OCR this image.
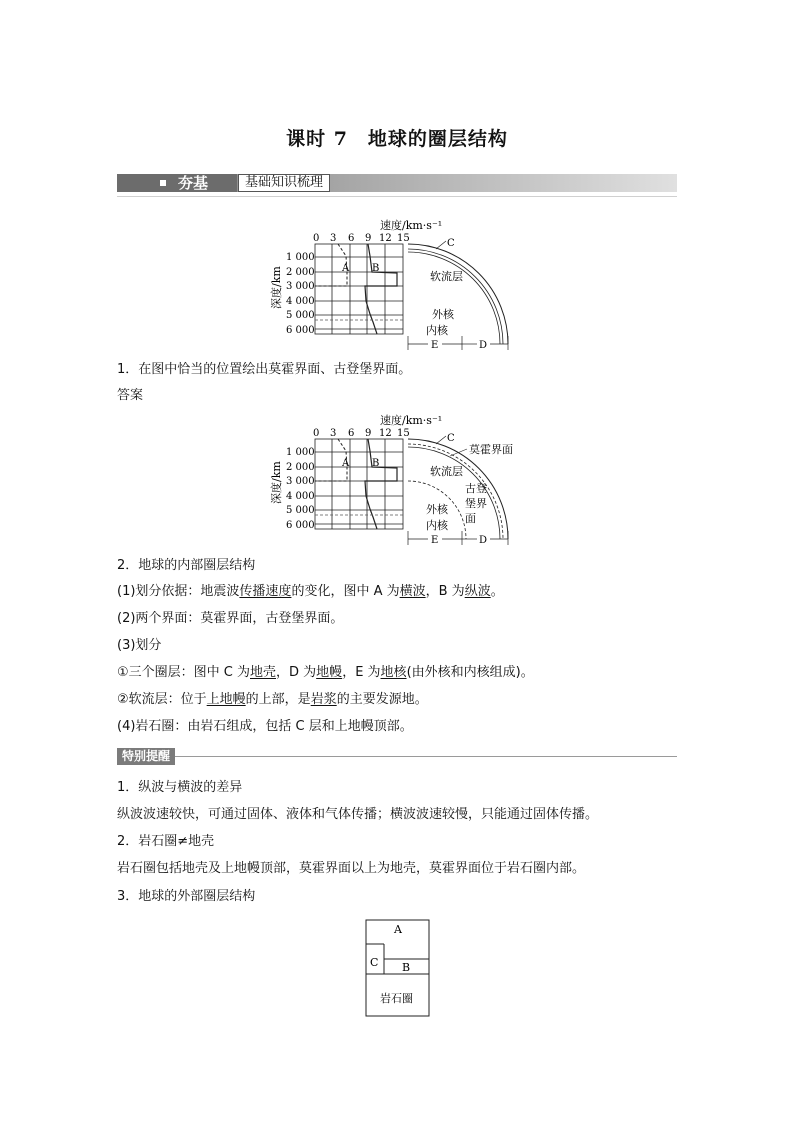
课时 7　地球的圈层结构
夯基	基础知识梳理
速度/km·s⁻¹
0 3 6 9 12 15
1 000
2 000
3 000
4 000
5 000
6 000
深度/km	A B
C
软流层
外核
内核
E	D
1．在图中恰当的位置绘出莫霍界面、古登堡界面。
答案
速度/km·s⁻¹
0 3 6 9 12 15
1 000
2 000
3 000
4 000
5 000
6 000
深度/km	A B
C
莫霍界面
软流层
古登
堡界
面
外核
内核
E	D
2．地球的内部圈层结构
(1)划分依据：地震波传播速度的变化，图中 A 为横波，B 为纵波。
(2)两个界面：莫霍界面，古登堡界面。
(3)划分
①三个圈层：图中 C 为地壳，D 为地幔，E 为地核(由外核和内核组成)。
②软流层：位于上地幔的上部，是岩浆的主要发源地。
(4)岩石圈：由岩石组成，包括 C 层和上地幔顶部。
特别提醒
1．纵波与横波的差异
纵波波速较快，可通过固体、液体和气体传播；横波波速较慢，只能通过固体传播。
2．岩石圈≠地壳
岩石圈包括地壳及上地幔顶部，莫霍界面以上为地壳，莫霍界面位于岩石圈内部。
3．地球的外部圈层结构
A
C B
岩石圈
